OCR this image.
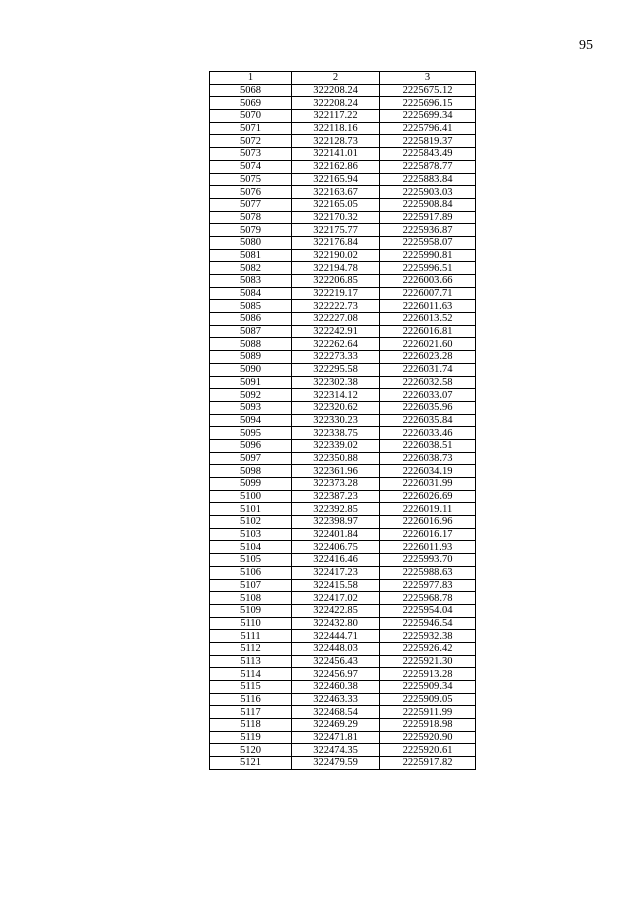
95
1	2	3
5068	322208.24	2225675.12
5069	322208.24	2225696.15
5070	322117.22	2225699.34
5071	322118.16	2225796.41
5072	322128.73	2225819.37
5073	322141.01	2225843.49
5074	322162.86	2225878.77
5075	322165.94	2225883.84
5076	322163.67	2225903.03
5077	322165.05	2225908.84
5078	322170.32	2225917.89
5079	322175.77	2225936.87
5080	322176.84	2225958.07
5081	322190.02	2225990.81
5082	322194.78	2225996.51
5083	322206.85	2226003.66
5084	322219.17	2226007.71
5085	322222.73	2226011.63
5086	322227.08	2226013.52
5087	322242.91	2226016.81
5088	322262.64	2226021.60
5089	322273.33	2226023.28
5090	322295.58	2226031.74
5091	322302.38	2226032.58
5092	322314.12	2226033.07
5093	322320.62	2226035.96
5094	322330.23	2226035.84
5095	322338.75	2226033.46
5096	322339.02	2226038.51
5097	322350.88	2226038.73
5098	322361.96	2226034.19
5099	322373.28	2226031.99
5100	322387.23	2226026.69
5101	322392.85	2226019.11
5102	322398.97	2226016.96
5103	322401.84	2226016.17
5104	322406.75	2226011.93
5105	322416.46	2225993.70
5106	322417.23	2225988.63
5107	322415.58	2225977.83
5108	322417.02	2225968.78
5109	322422.85	2225954.04
5110	322432.80	2225946.54
5111	322444.71	2225932.38
5112	322448.03	2225926.42
5113	322456.43	2225921.30
5114	322456.97	2225913.28
5115	322460.38	2225909.34
5116	322463.33	2225909.05
5117	322468.54	2225911.99
5118	322469.29	2225918.98
5119	322471.81	2225920.90
5120	322474.35	2225920.61
5121	322479.59	2225917.82
